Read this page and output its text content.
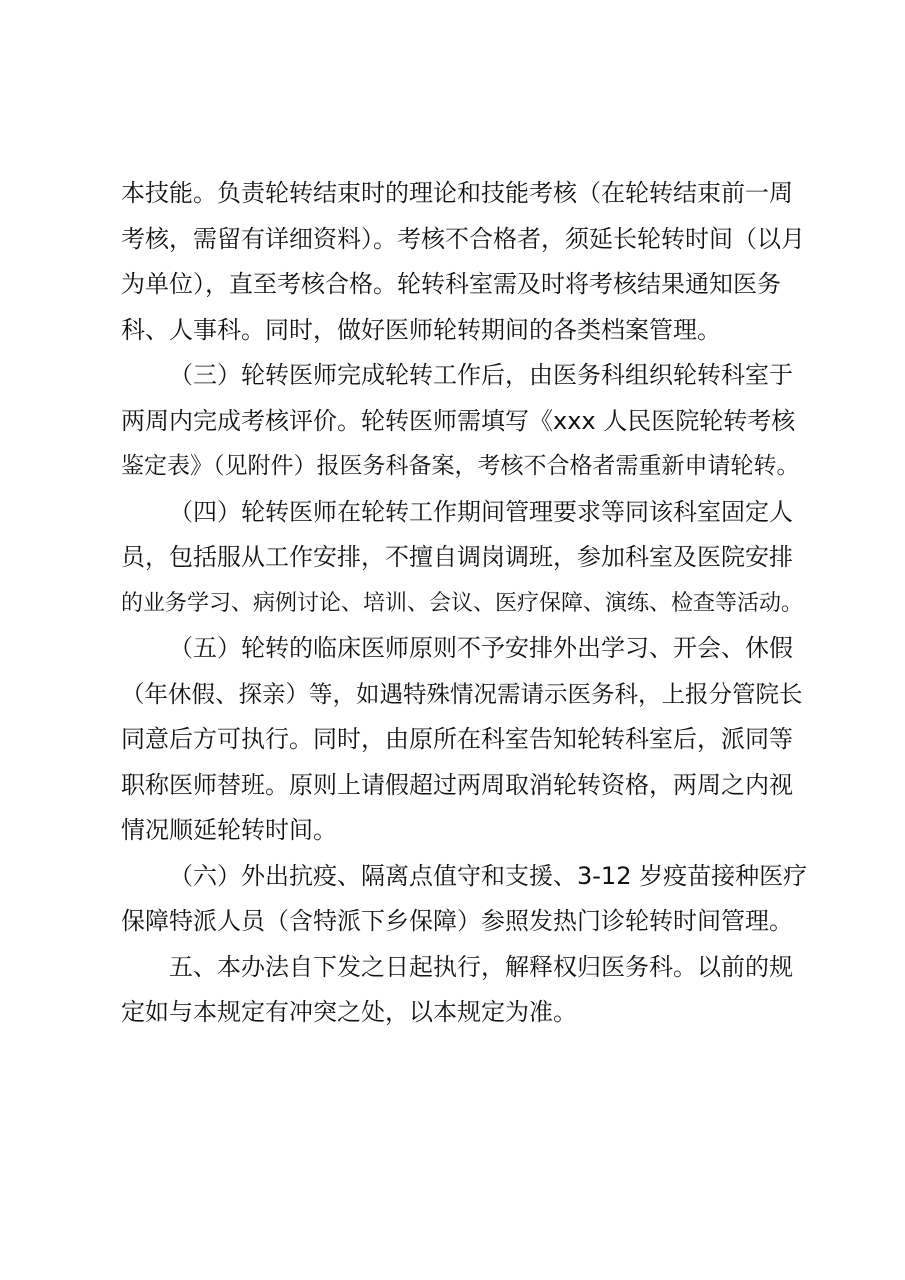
本技能。负责轮转结束时的理论和技能考核（在轮转结束前一周
考核，需留有详细资料）。考核不合格者，须延长轮转时间（以月
为单位），直至考核合格。轮转科室需及时将考核结果通知医务
科、人事科。同时，做好医师轮转期间的各类档案管理。
（三）轮转医师完成轮转工作后，由医务科组织轮转科室于
两周内完成考核评价。轮转医师需填写《xxx 人民医院轮转考核
鉴定表》（见附件）报医务科备案，考核不合格者需重新申请轮转。
（四）轮转医师在轮转工作期间管理要求等同该科室固定人
员，包括服从工作安排，不擅自调岗调班，参加科室及医院安排
的业务学习、病例讨论、培训、会议、医疗保障、演练、检查等活动。
（五）轮转的临床医师原则不予安排外出学习、开会、休假
（年休假、探亲）等，如遇特殊情况需请示医务科，上报分管院长
同意后方可执行。同时，由原所在科室告知轮转科室后，派同等
职称医师替班。原则上请假超过两周取消轮转资格，两周之内视
情况顺延轮转时间。
（六）外出抗疫、隔离点值守和支援、3-12 岁疫苗接种医疗
保障特派人员（含特派下乡保障）参照发热门诊轮转时间管理。
五、本办法自下发之日起执行，解释权归医务科。以前的规
定如与本规定有冲突之处，以本规定为准。
